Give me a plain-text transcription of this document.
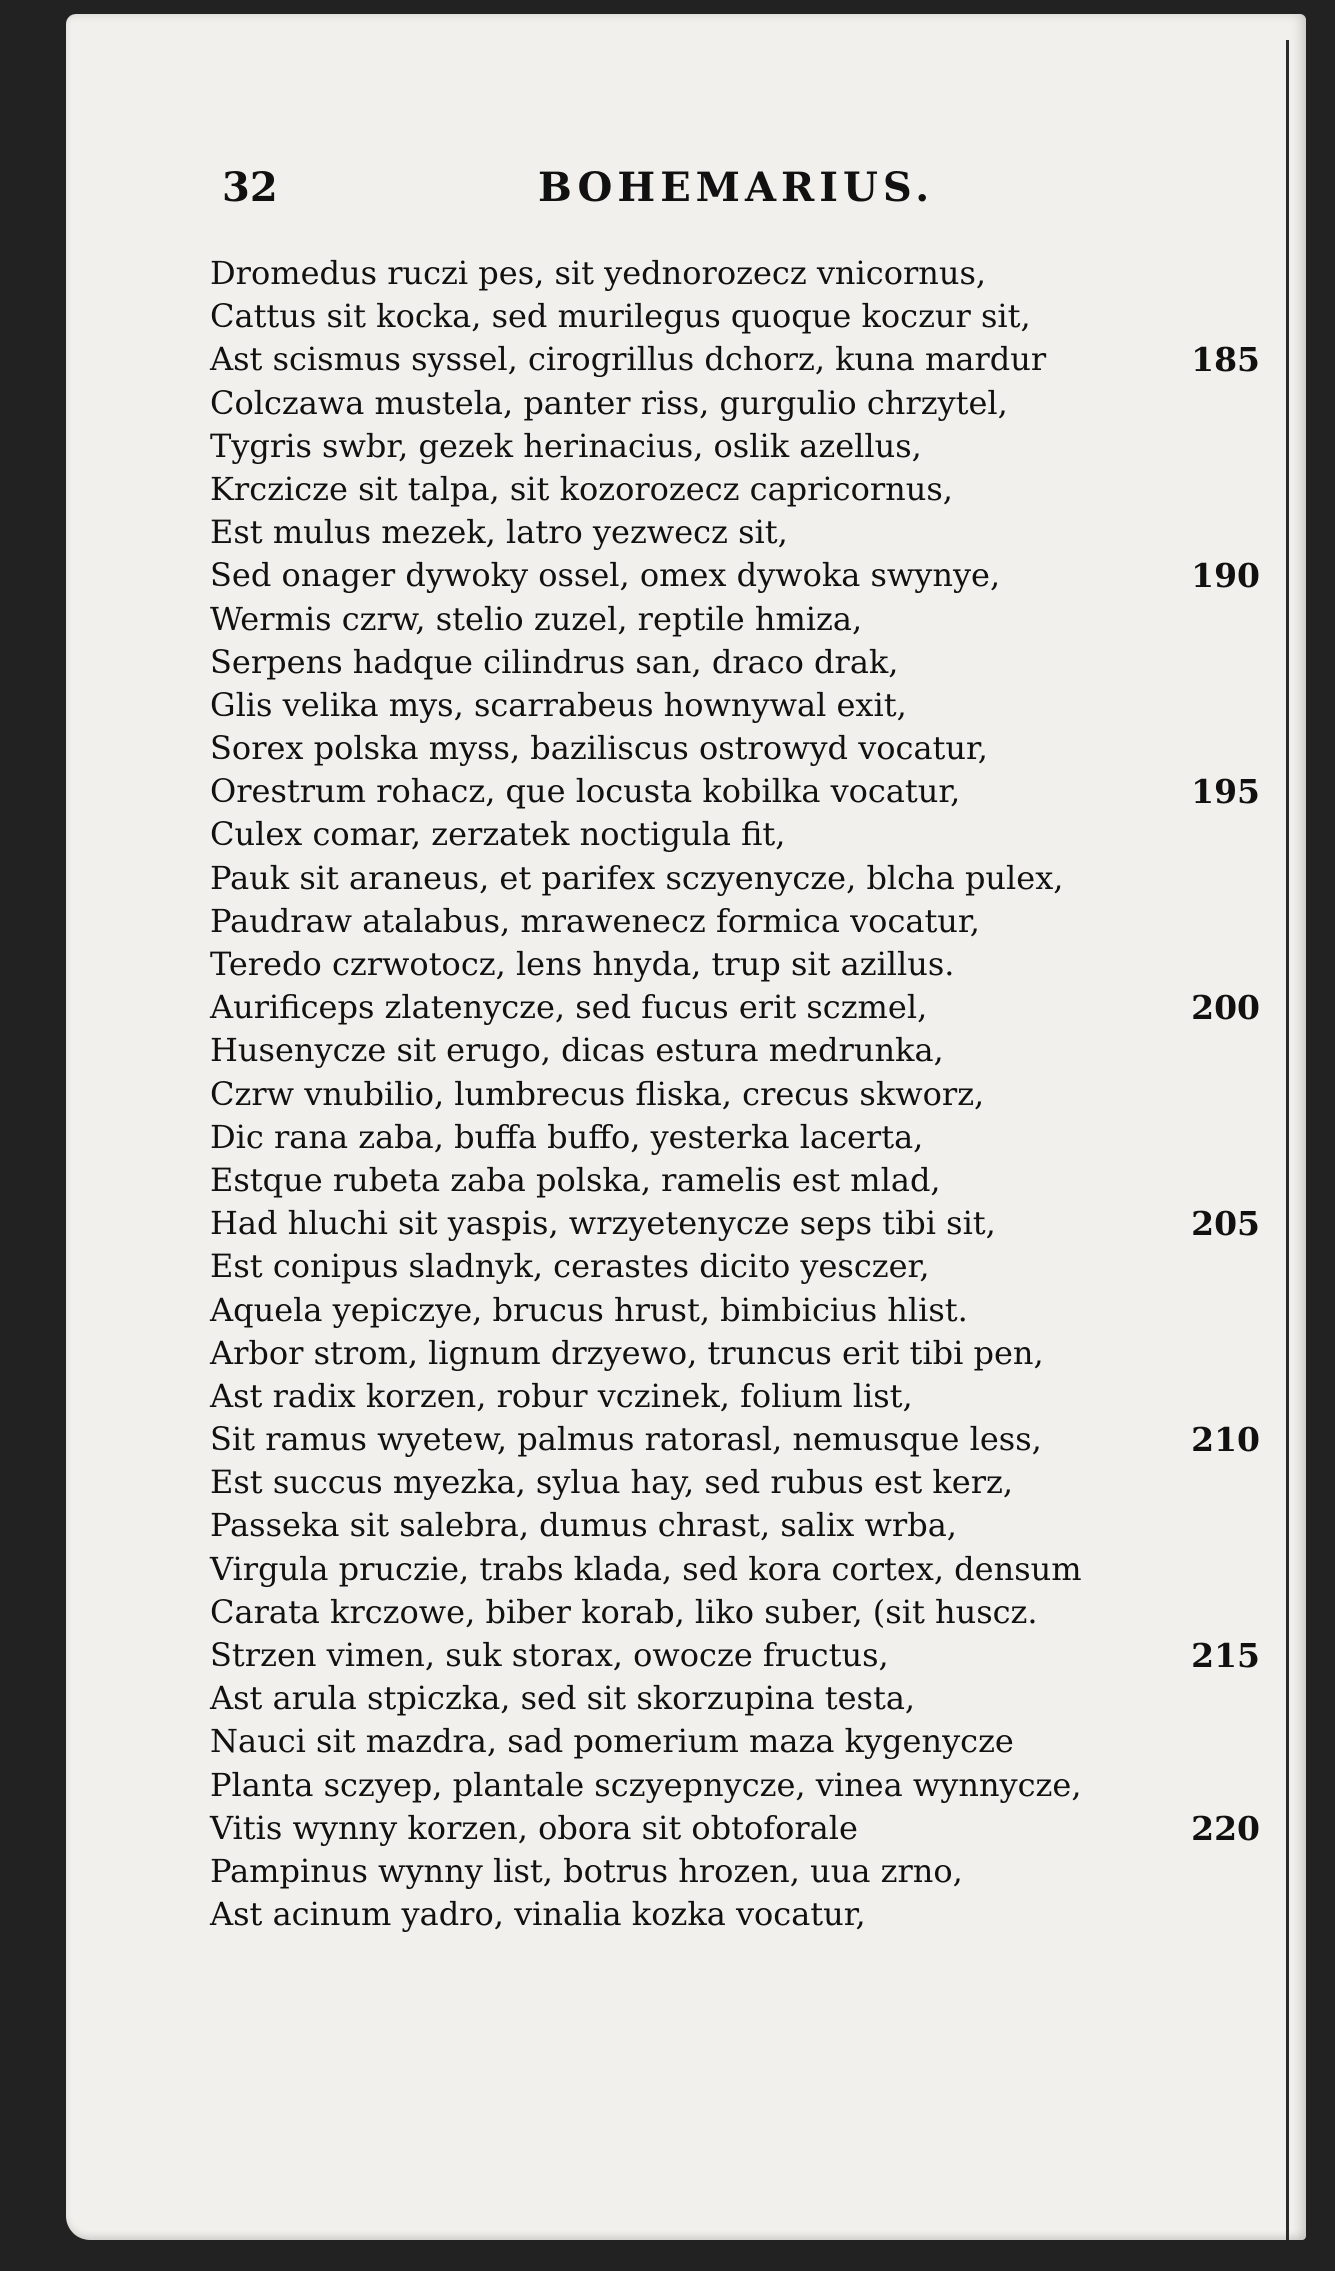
32	BOHEMARIUS.
Dromedus ruczi pes, sit yednorozecz vnicornus,
Cattus sit kocka, sed murilegus quoque koczur sit,
Ast scismus syssel, cirogrillus dchorz, kuna mardur	185
Colczawa mustela, panter riss, gurgulio chrzytel,
Tygris swbr, gezek herinacius, oslik azellus,
Krczicze sit talpa, sit kozorozecz capricornus,
Est mulus mezek, latro yezwecz sit,
Sed onager dywoky ossel, omex dywoka swynye,	190
Wermis czrw, stelio zuzel, reptile hmiza,
Serpens hadque cilindrus san, draco drak,
Glis velika mys, scarrabeus hownywal exit,
Sorex polska myss, baziliscus ostrowyd vocatur,
Orestrum rohacz, que locusta kobilka vocatur,	195
Culex comar, zerzatek noctigula fit,
Pauk sit araneus, et parifex sczyenycze, blcha pulex,
Paudraw atalabus, mrawenecz formica vocatur,
Teredo czrwotocz, lens hnyda, trup sit azillus.
Aurificeps zlatenycze, sed fucus erit sczmel,	200
Husenycze sit erugo, dicas estura medrunka,
Czrw vnubilio, lumbrecus fliska, crecus skworz,
Dic rana zaba, buffa buffo, yesterka lacerta,
Estque rubeta zaba polska, ramelis est mlad,
Had hluchi sit yaspis, wrzyetenycze seps tibi sit,	205
Est conipus sladnyk, cerastes dicito yesczer,
Aquela yepiczye, brucus hrust, bimbicius hlist.
Arbor strom, lignum drzyewo, truncus erit tibi pen,
Ast radix korzen, robur vczinek, folium list,
Sit ramus wyetew, palmus ratorasl, nemusque less,	210
Est succus myezka, sylua hay, sed rubus est kerz,
Passeka sit salebra, dumus chrast, salix wrba,
Virgula pruczie, trabs klada, sed kora cortex, densum
Carata krczowe, biber korab, liko suber, (sit huscz.
Strzen vimen, suk storax, owocze fructus,	215
Ast arula stpiczka, sed sit skorzupina testa,
Nauci sit mazdra, sad pomerium maza kygenycze
Planta sczyep, plantale sczyepnycze, vinea wynnycze,
Vitis wynny korzen, obora sit obtoforale	220
Pampinus wynny list, botrus hrozen, uua zrno,
Ast acinum yadro, vinalia kozka vocatur,
